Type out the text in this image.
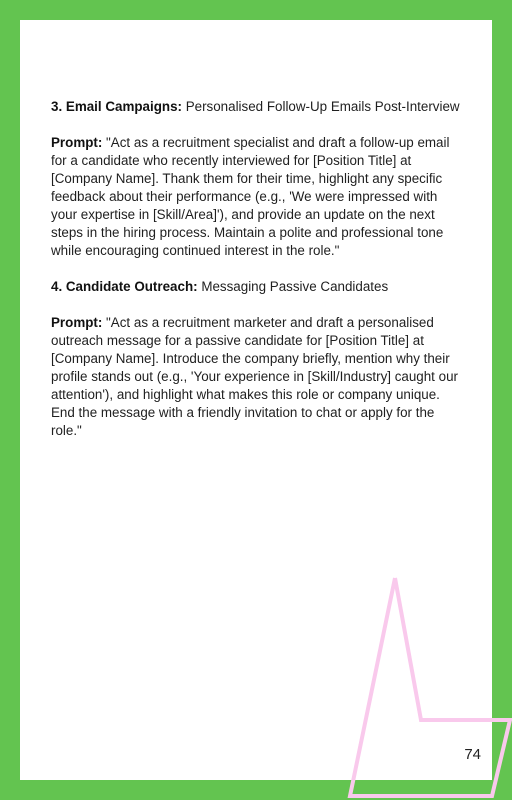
3. Email Campaigns: Personalised Follow-Up Emails Post-Interview

Prompt: "Act as a recruitment specialist and draft a follow-up email for a candidate who recently interviewed for [Position Title] at [Company Name]. Thank them for their time, highlight any specific feedback about their performance (e.g., 'We were impressed with your expertise in [Skill/Area]'), and provide an update on the next steps in the hiring process. Maintain a polite and professional tone while encouraging continued interest in the role."

4. Candidate Outreach: Messaging Passive Candidates

Prompt: "Act as a recruitment marketer and draft a personalised outreach message for a passive candidate for [Position Title] at [Company Name]. Introduce the company briefly, mention why their profile stands out (e.g., 'Your experience in [Skill/Industry] caught our attention'), and highlight what makes this role or company unique. End the message with a friendly invitation to chat or apply for the role."

74
